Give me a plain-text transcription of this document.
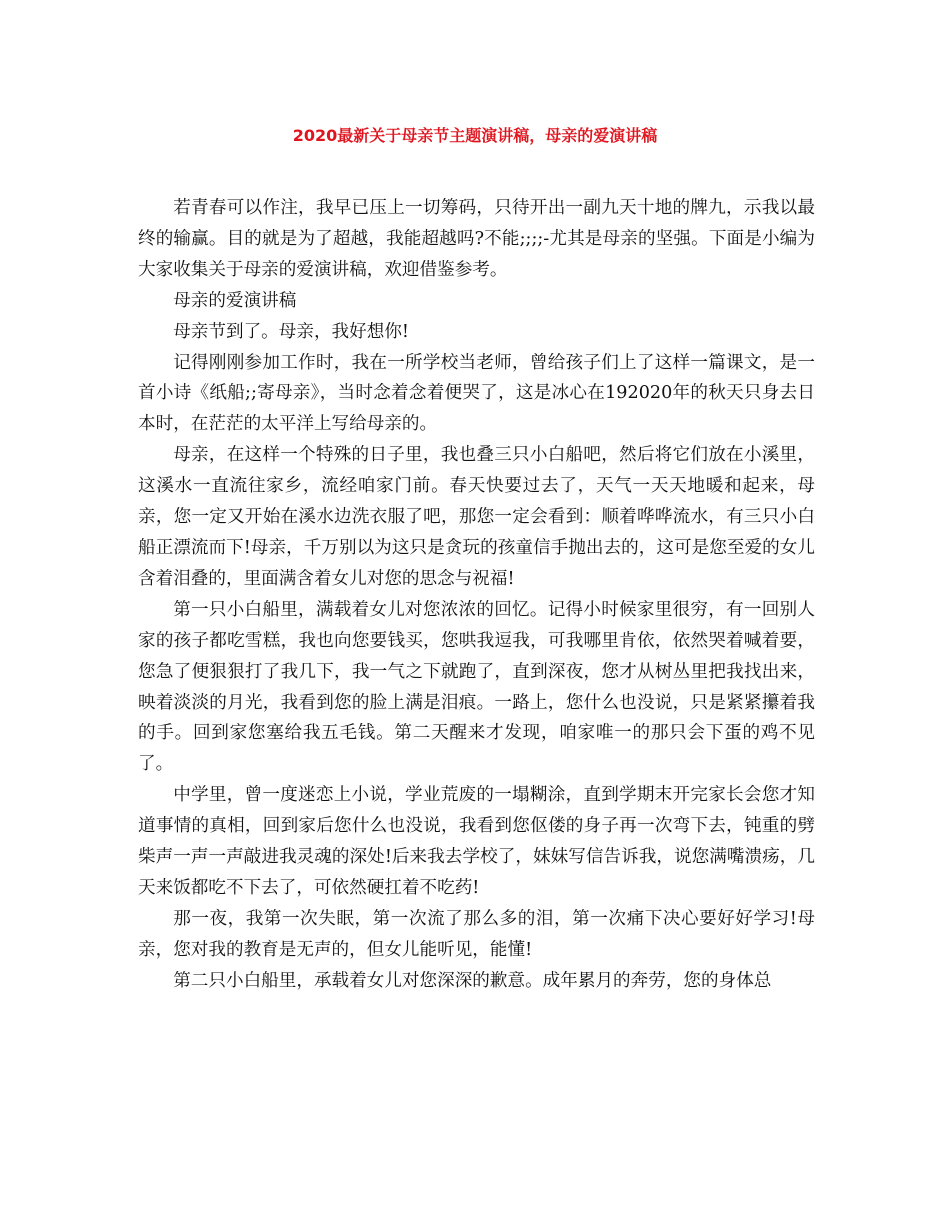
2020最新关于母亲节主题演讲稿，母亲的爱演讲稿

若青春可以作注，我早已压上一切筹码，只待开出一副九天十地的牌九，示我以最终的输赢。目的就是为了超越，我能超越吗?不能;;;;-尤其是母亲的坚强。下面是小编为大家收集关于母亲的爱演讲稿，欢迎借鉴参考。

母亲的爱演讲稿

母亲节到了。母亲，我好想你!

记得刚刚参加工作时，我在一所学校当老师，曾给孩子们上了这样一篇课文，是一首小诗《纸船;;寄母亲》，当时念着念着便哭了，这是冰心在192020年的秋天只身去日本时，在茫茫的太平洋上写给母亲的。

母亲，在这样一个特殊的日子里，我也叠三只小白船吧，然后将它们放在小溪里，这溪水一直流往家乡，流经咱家门前。春天快要过去了，天气一天天地暖和起来，母亲，您一定又开始在溪水边洗衣服了吧，那您一定会看到：顺着哗哗流水，有三只小白船正漂流而下!母亲，千万别以为这只是贪玩的孩童信手抛出去的，这可是您至爱的女儿含着泪叠的，里面满含着女儿对您的思念与祝福!

第一只小白船里，满载着女儿对您浓浓的回忆。记得小时候家里很穷，有一回别人家的孩子都吃雪糕，我也向您要钱买，您哄我逗我，可我哪里肯依，依然哭着喊着要，您急了便狠狠打了我几下，我一气之下就跑了，直到深夜，您才从树丛里把我找出来，映着淡淡的月光，我看到您的脸上满是泪痕。一路上，您什么也没说，只是紧紧攥着我的手。回到家您塞给我五毛钱。第二天醒来才发现，咱家唯一的那只会下蛋的鸡不见了。

中学里，曾一度迷恋上小说，学业荒废的一塌糊涂，直到学期末开完家长会您才知道事情的真相，回到家后您什么也没说，我看到您伛偻的身子再一次弯下去，钝重的劈柴声一声一声敲进我灵魂的深处!后来我去学校了，妹妹写信告诉我，说您满嘴溃疡，几天来饭都吃不下去了，可依然硬扛着不吃药!

那一夜，我第一次失眠，第一次流了那么多的泪，第一次痛下决心要好好学习!母亲，您对我的教育是无声的，但女儿能听见，能懂!

第二只小白船里，承载着女儿对您深深的歉意。成年累月的奔劳，您的身体总
